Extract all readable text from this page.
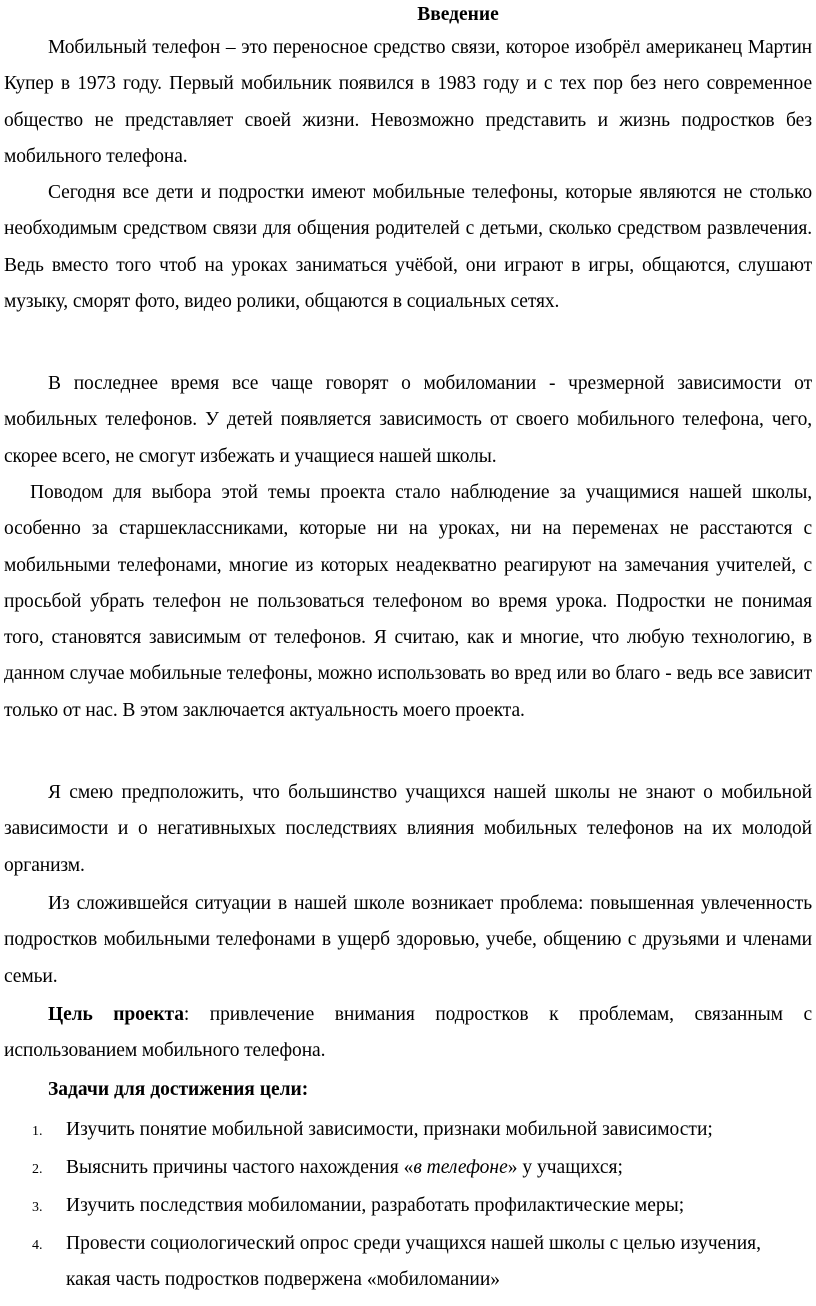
Введение

Мобильный телефон – это переносное средство связи, которое изобрёл американец Мартин Купер в 1973 году. Первый мобильник появился в 1983 году и с тех пор без него современное общество не представляет своей жизни. Невозможно представить и жизнь подростков без мобильного телефона.

Сегодня все дети и подростки имеют мобильные телефоны, которые являются не столько необходимым средством связи для общения родителей с детьми, сколько средством развлечения. Ведь вместо того чтоб на уроках заниматься учёбой, они играют в игры, общаются, слушают музыку, сморят фото, видео ролики, общаются в социальных сетях.

В последнее время все чаще говорят о мобиломании - чрезмерной зависимости от мобильных телефонов. У детей появляется зависимость от своего мобильного телефона, чего, скорее всего, не смогут избежать и учащиеся нашей школы.

Поводом для выбора этой темы проекта стало наблюдение за учащимися нашей школы, особенно за старшеклассниками, которые ни на уроках, ни на переменах не расстаются с мобильными телефонами, многие из которых неадекватно реагируют на замечания учителей, с просьбой убрать телефон не пользоваться телефоном во время урока. Подростки не понимая того, становятся зависимым от телефонов. Я считаю, как и многие, что любую технологию, в данном случае мобильные телефоны, можно использовать во вред или во благо - ведь все зависит только от нас. В этом заключается актуальность моего проекта.

Я смею предположить, что большинство учащихся нашей школы не знают о мобильной зависимости и о негативныхых последствиях влияния мобильных телефонов на их молодой организм.

Из сложившейся ситуации в нашей школе возникает проблема: повышенная увлеченность подростков мобильными телефонами в ущерб здоровью, учебе, общению с друзьями и членами семьи.

Цель проекта: привлечение внимания подростков к проблемам, связанным с использованием мобильного телефона.

Задачи для достижения цели:
1. Изучить понятие мобильной зависимости, признаки мобильной зависимости;
2. Выяснить причины частого нахождения «в телефоне» у учащихся;
3. Изучить последствия мобиломании, разработать профилактические меры;
4. Провести социологический опрос среди учащихся нашей школы с целью изучения, какая часть подростков подвержена «мобиломании»
